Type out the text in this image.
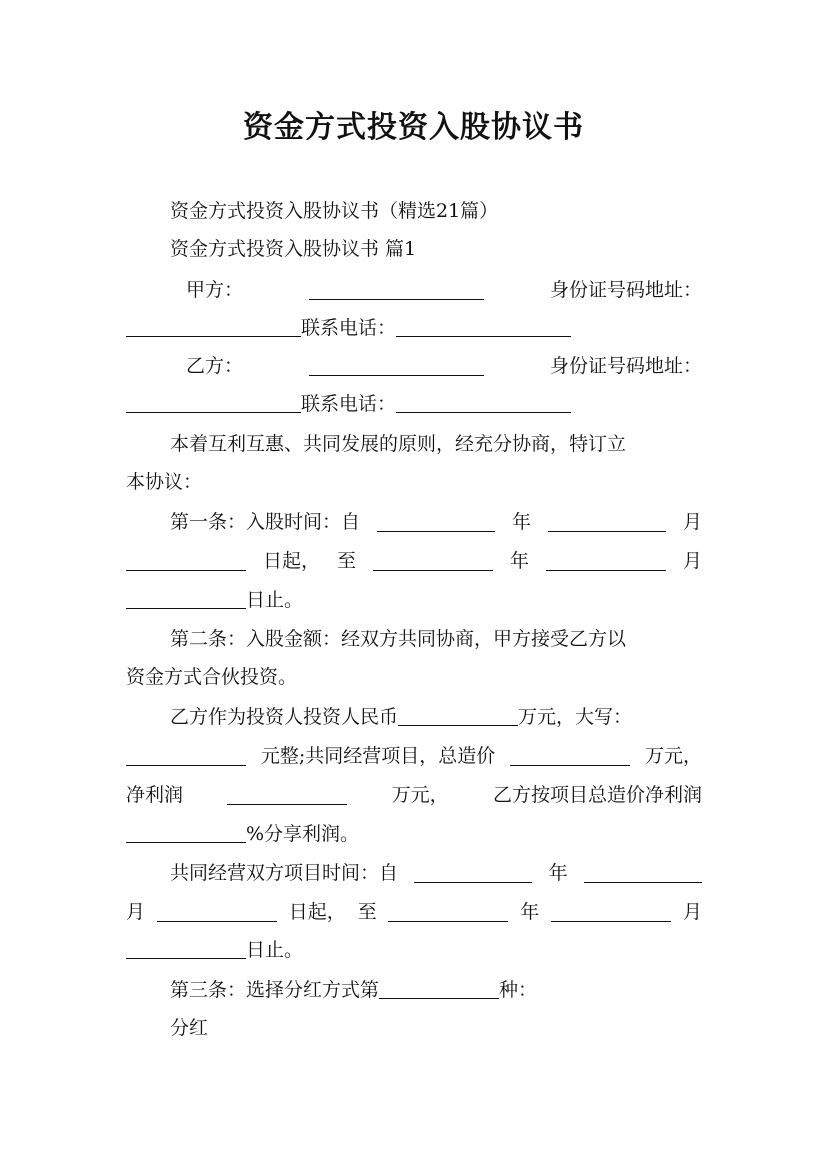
资金方式投资入股协议书
资金方式投资入股协议书（精选21篇）
资金方式投资入股协议书 篇1
甲方：	身份证号码地址：
联系电话：
乙方：	身份证号码地址：
联系电话：
本着互利互惠、共同发展的原则，经充分协商，特订立
本协议：
第一条：入股时间：自	年	月
日起， 至	年	月
日止。
第二条：入股金额：经双方共同协商，甲方接受乙方以
资金方式合伙投资。
乙方作为投资人投资人民币	万元，大写：
元整;共同经营项目，总造价	万元，
净利润	万元， 乙方按项目总造价净利润
%分享利润。
共同经营双方项目时间：自	年
月	日起， 至	年	月
日止。
第三条：选择分红方式第	种：
分红
